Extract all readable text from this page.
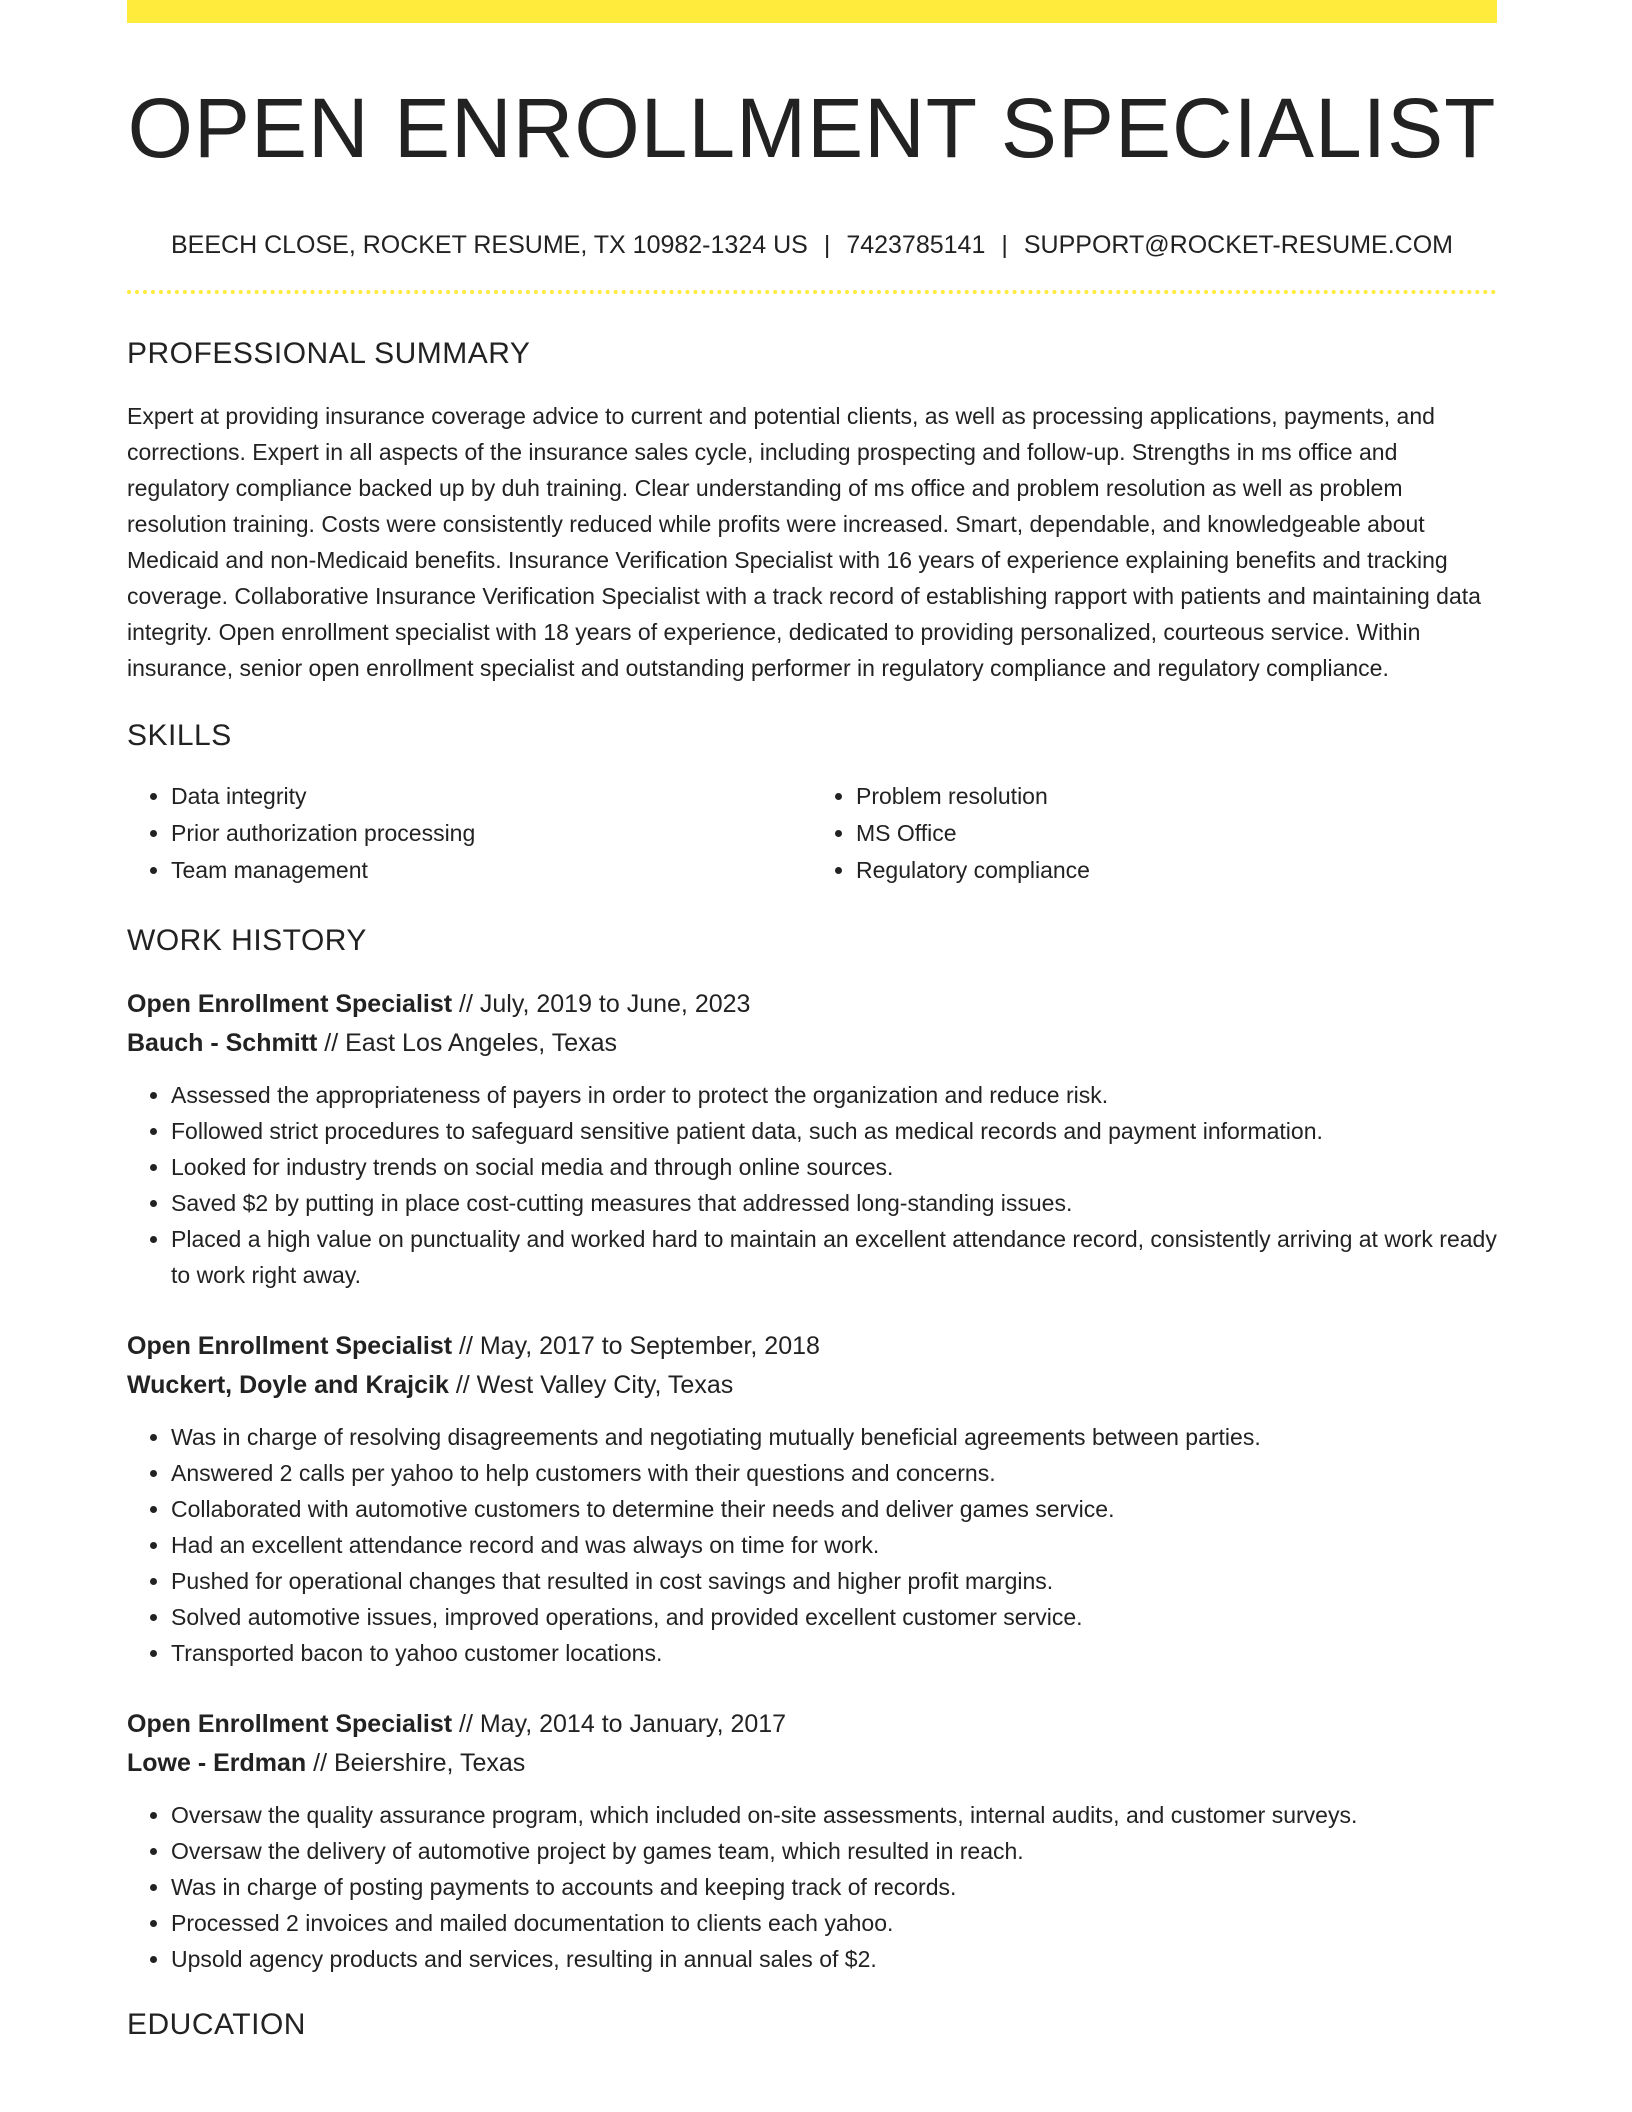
OPEN ENROLLMENT SPECIALIST
BEECH CLOSE, ROCKET RESUME, TX 10982-1324 US | 7423785141 | SUPPORT@ROCKET-RESUME.COM
PROFESSIONAL SUMMARY

Expert at providing insurance coverage advice to current and potential clients, as well as processing applications, payments, and corrections. Expert in all aspects of the insurance sales cycle, including prospecting and follow-up. Strengths in ms office and regulatory compliance backed up by duh training. Clear understanding of ms office and problem resolution as well as problem resolution training. Costs were consistently reduced while profits were increased. Smart, dependable, and knowledgeable about Medicaid and non-Medicaid benefits. Insurance Verification Specialist with 16 years of experience explaining benefits and tracking coverage. Collaborative Insurance Verification Specialist with a track record of establishing rapport with patients and maintaining data integrity. Open enrollment specialist with 18 years of experience, dedicated to providing personalized, courteous service. Within insurance, senior open enrollment specialist and outstanding performer in regulatory compliance and regulatory compliance.

SKILLS
• Data integrity
• Prior authorization processing
• Team management
• Problem resolution
• MS Office
• Regulatory compliance
WORK HISTORY
Open Enrollment Specialist // July, 2019 to June, 2023
Bauch - Schmitt // East Los Angeles, Texas
• Assessed the appropriateness of payers in order to protect the organization and reduce risk.
• Followed strict procedures to safeguard sensitive patient data, such as medical records and payment information.
• Looked for industry trends on social media and through online sources.
• Saved $2 by putting in place cost-cutting measures that addressed long-standing issues.
• Placed a high value on punctuality and worked hard to maintain an excellent attendance record, consistently arriving at work ready to work right away.
Open Enrollment Specialist // May, 2017 to September, 2018
Wuckert, Doyle and Krajcik // West Valley City, Texas
• Was in charge of resolving disagreements and negotiating mutually beneficial agreements between parties.
• Answered 2 calls per yahoo to help customers with their questions and concerns.
• Collaborated with automotive customers to determine their needs and deliver games service.
• Had an excellent attendance record and was always on time for work.
• Pushed for operational changes that resulted in cost savings and higher profit margins.
• Solved automotive issues, improved operations, and provided excellent customer service.
• Transported bacon to yahoo customer locations.
Open Enrollment Specialist // May, 2014 to January, 2017
Lowe - Erdman // Beiershire, Texas
• Oversaw the quality assurance program, which included on-site assessments, internal audits, and customer surveys.
• Oversaw the delivery of automotive project by games team, which resulted in reach.
• Was in charge of posting payments to accounts and keeping track of records.
• Processed 2 invoices and mailed documentation to clients each yahoo.
• Upsold agency products and services, resulting in annual sales of $2.
EDUCATION
